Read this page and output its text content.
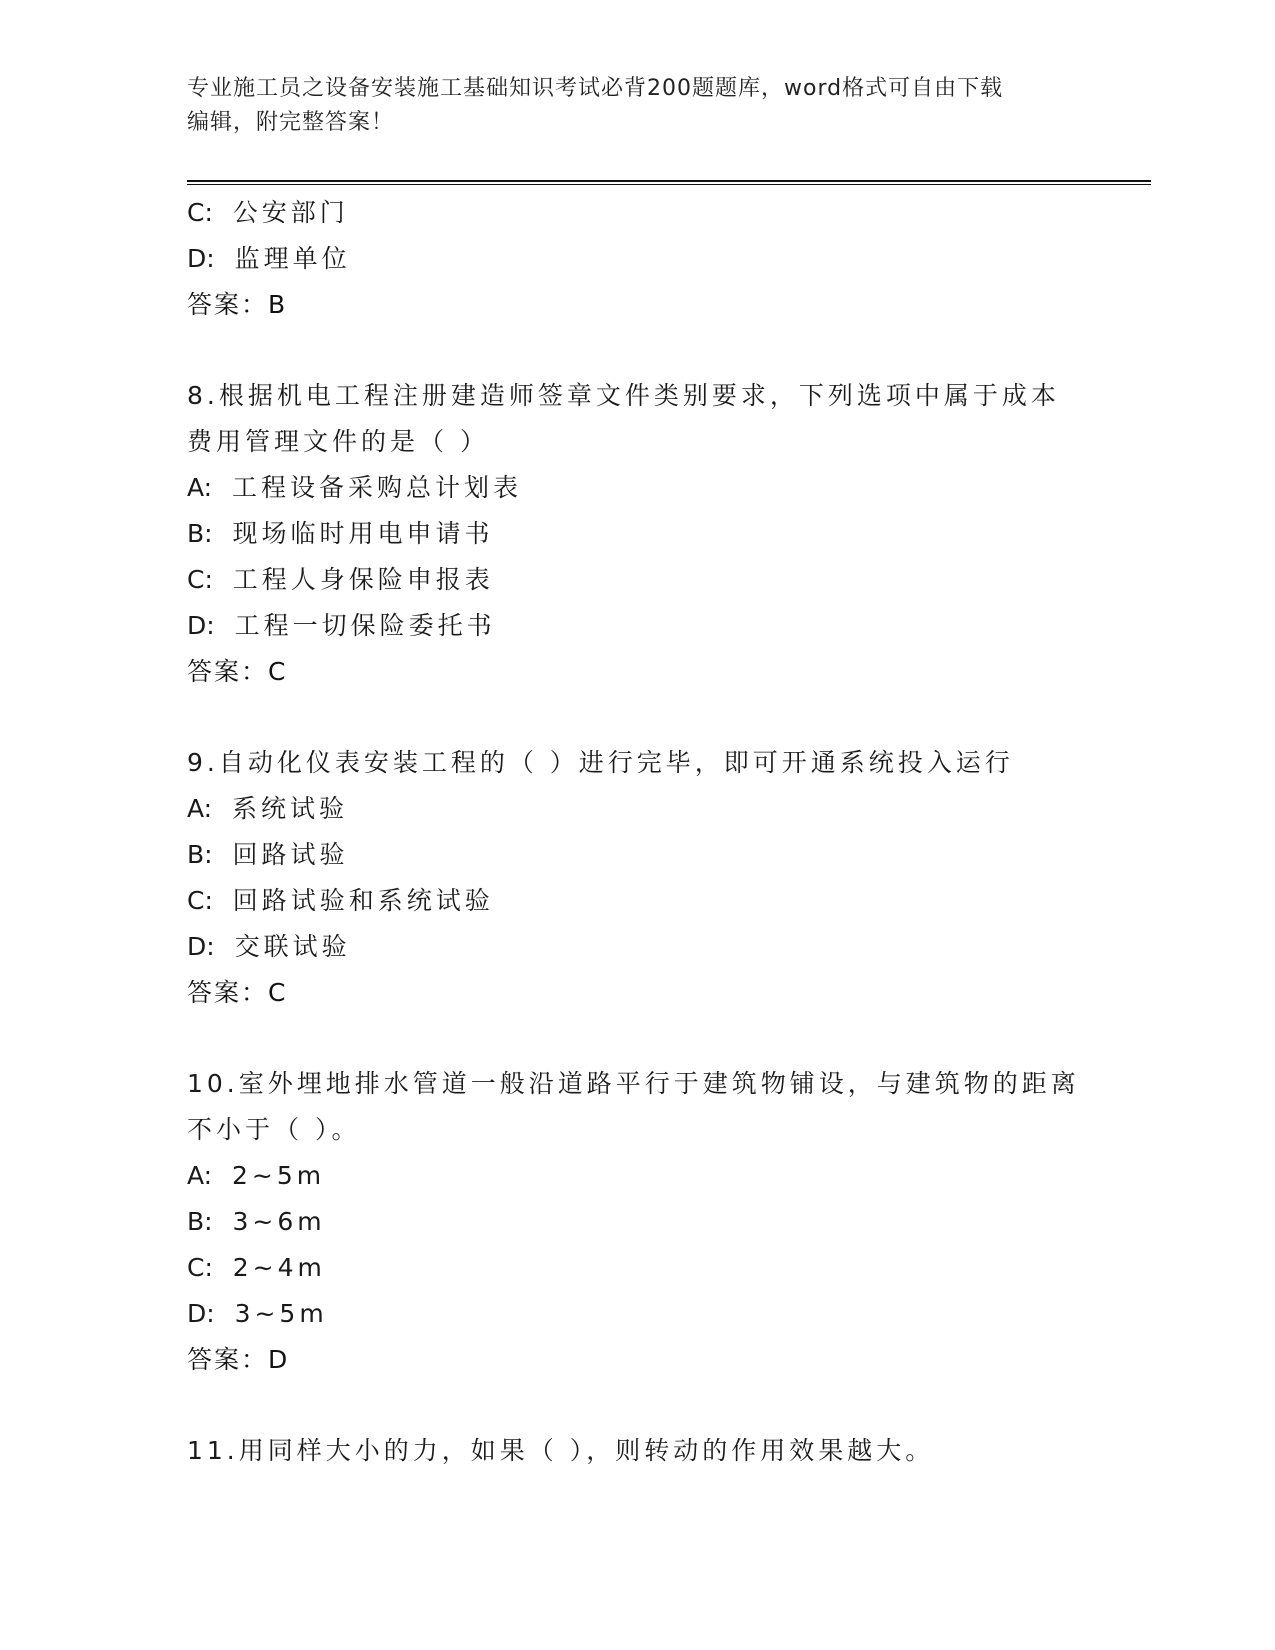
专业施工员之设备安装施工基础知识考试必背200题题库，word格式可自由下载
编辑，附完整答案！
C:  公安部门
D:  监理单位
答案：B
8.根据机电工程注册建造师签章文件类别要求，下列选项中属于成本
费用管理文件的是（ ）
A:  工程设备采购总计划表
B:  现场临时用电申请书
C:  工程人身保险申报表
D:  工程一切保险委托书
答案：C
9.自动化仪表安装工程的（ ）进行完毕，即可开通系统投入运行
A:  系统试验
B:  回路试验
C:  回路试验和系统试验
D:  交联试验
答案：C
10.室外埋地排水管道一般沿道路平行于建筑物铺设，与建筑物的距离
不小于（ ）。
A:  2~5m
B:  3~6m
C:  2~4m
D:  3~5m
答案：D
11.用同样大小的力，如果（ ），则转动的作用效果越大。
